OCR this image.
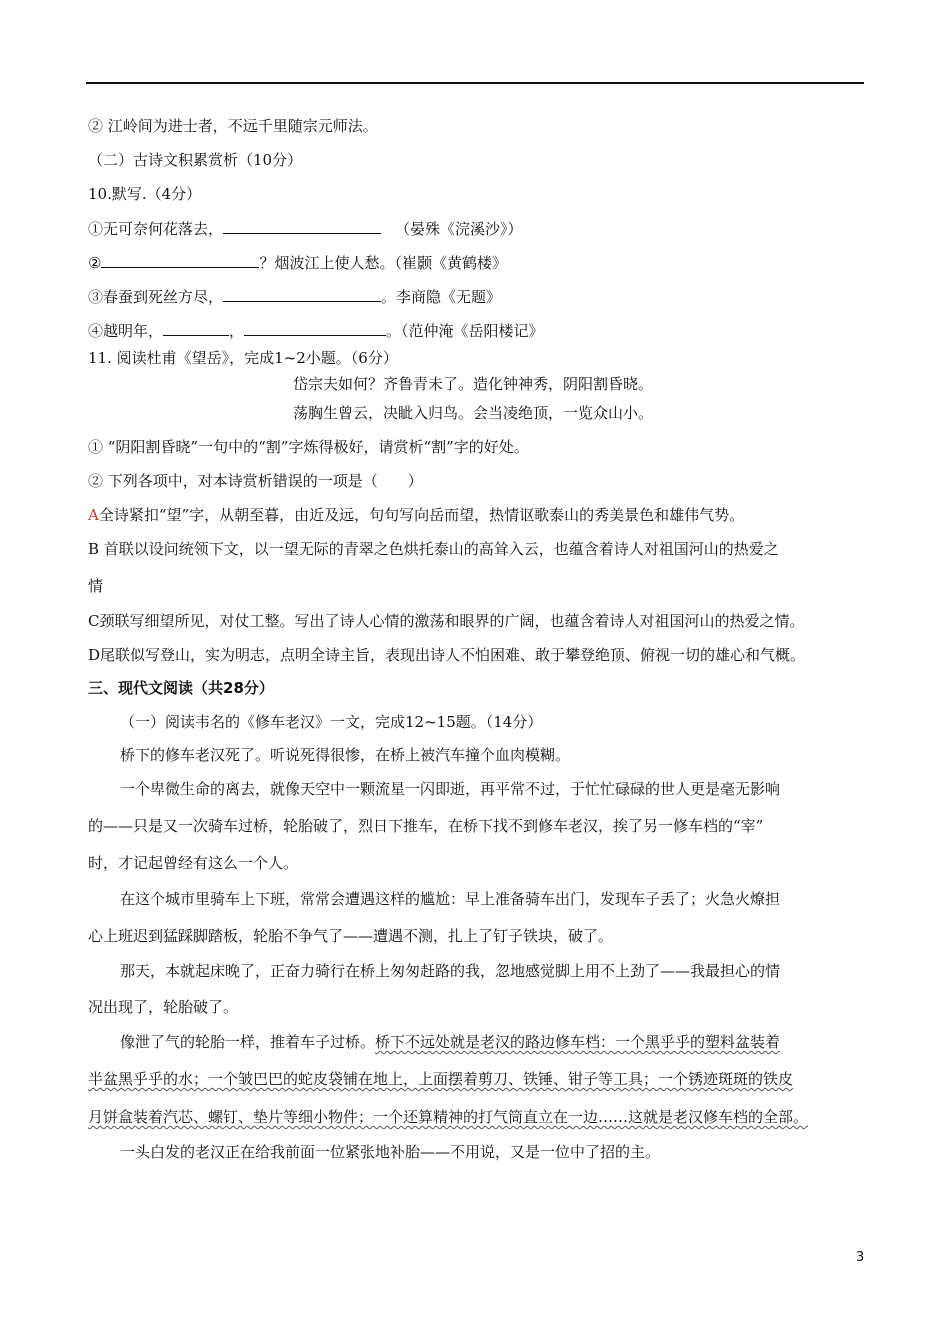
② 江岭间为进士者，不远千里随宗元师法。
（二）古诗文积累赏析（10分）
10.默写.（4分）
①无可奈何花落去，	（晏殊《浣溪沙》）
②	？烟波江上使人愁。（崔颢《黄鹤楼》
③春蚕到死丝方尽，	。李商隐《无题》
④越明年，	，	。（范仲淹《岳阳楼记》
11. 阅读杜甫《望岳》，完成1~2小题。（6分）
岱宗夫如何？齐鲁青未了。造化钟神秀，阴阳割昏晓。
荡胸生曾云，决眦入归鸟。会当凌绝顶，一览众山小。
① “阴阳割昏晓”一句中的“割”字炼得极好，请赏析“割”字的好处。
② 下列各项中，对本诗赏析错误的一项是（　　）
A全诗紧扣“望”字，从朝至暮，由近及远，句句写向岳而望，热情讴歌泰山的秀美景色和雄伟气势。
B 首联以设问统领下文，以一望无际的青翠之色烘托泰山的高耸入云，也蕴含着诗人对祖国河山的热爱之
情
C颈联写细望所见，对仗工整。写出了诗人心情的激荡和眼界的广阔，也蕴含着诗人对祖国河山的热爱之情。
D尾联似写登山，实为明志，点明全诗主旨，表现出诗人不怕困难、敢于攀登绝顶、俯视一切的雄心和气概。
三、现代文阅读（共28分）
（一）阅读韦名的《修车老汉》一文，完成12~15题。（14分）
桥下的修车老汉死了。听说死得很惨，在桥上被汽车撞个血肉模糊。
一个卑微生命的离去，就像天空中一颗流星一闪即逝，再平常不过，于忙忙碌碌的世人更是毫无影响
的——只是又一次骑车过桥，轮胎破了，烈日下推车，在桥下找不到修车老汉，挨了另一修车档的“宰”
时，才记起曾经有这么一个人。
在这个城市里骑车上下班，常常会遭遇这样的尴尬：早上准备骑车出门，发现车子丢了；火急火燎担
心上班迟到猛踩脚踏板，轮胎不争气了——遭遇不测，扎上了钉子铁块，破了。
那天，本就起床晚了，正奋力骑行在桥上匆匆赶路的我，忽地感觉脚上用不上劲了——我最担心的情
况出现了，轮胎破了。
像泄了气的轮胎一样，推着车子过桥。桥下不远处就是老汉的路边修车档：一个黑乎乎的塑料盆装着
半盆黑乎乎的水；一个皱巴巴的蛇皮袋铺在地上，上面摆着剪刀、铁锤、钳子等工具；一个锈迹斑斑的铁皮
月饼盒装着汽芯、螺钉、垫片等细小物件；一个还算精神的打气筒直立在一边……这就是老汉修车档的全部。
一头白发的老汉正在给我前面一位紧张地补胎——不用说，又是一位中了招的主。
3
